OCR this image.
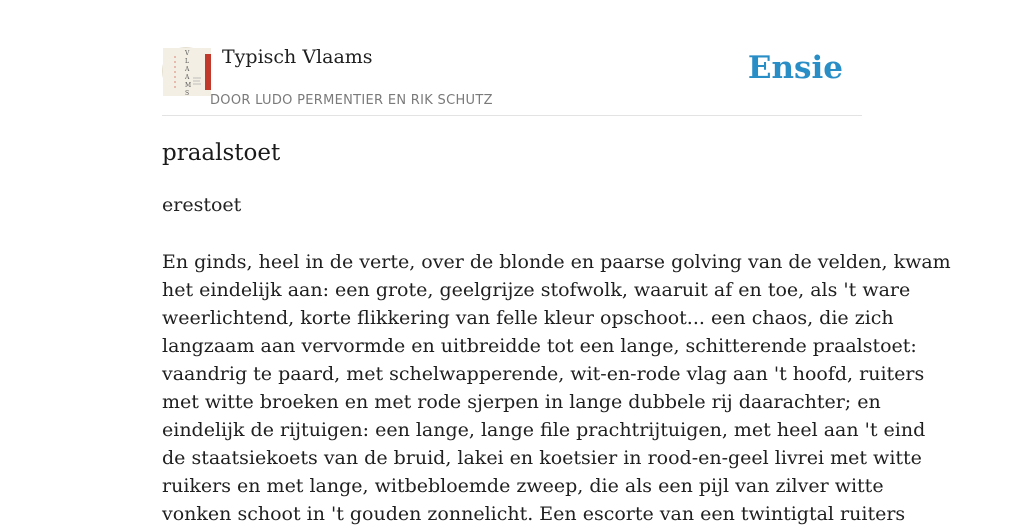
V
L
A
A
M
S
Typisch Vlaams
DOOR LUDO PERMENTIER EN RIK SCHUTZ
Ensie
praalstoet

erestoet

En ginds, heel in de verte, over de blonde en paarse golving van de velden, kwam
het eindelijk aan: een grote, geelgrijze stofwolk, waaruit af en toe, als 't ware
weerlichtend, korte flikkering van felle kleur opschoot... een chaos, die zich
langzaam aan vervormde en uitbreidde tot een lange, schitterende praalstoet:
vaandrig te paard, met schelwapperende, wit-en-rode vlag aan 't hoofd, ruiters
met witte broeken en met rode sjerpen in lange dubbele rij daarachter; en
eindelijk de rijtuigen: een lange, lange file prachtrijtuigen, met heel aan 't eind
de staatsiekoets van de bruid, lakei en koetsier in rood-en-geel livrei met witte
ruikers en met lange, witbebloemde zweep, die als een pijl van zilver witte
vonken schoot in 't gouden zonnelicht. Een escorte van een twintigtal ruiters
